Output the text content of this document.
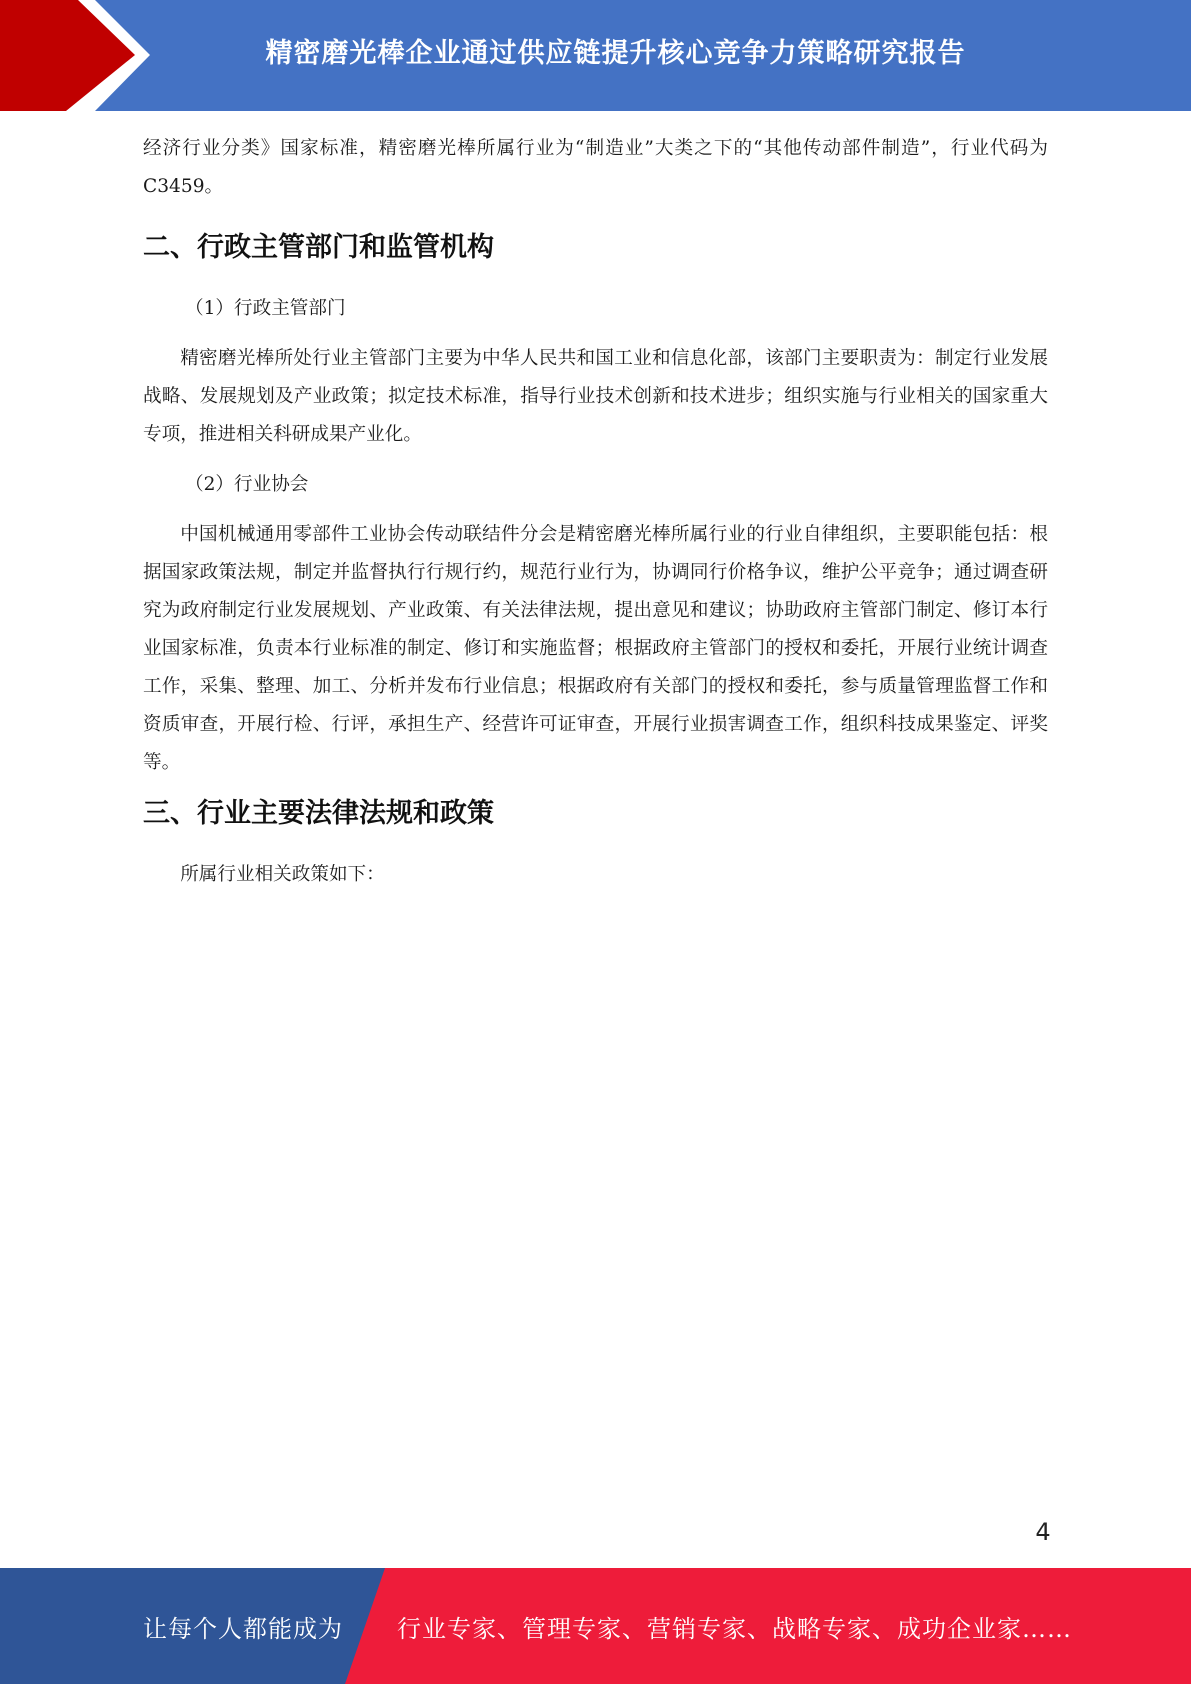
精密磨光棒企业通过供应链提升核心竞争力策略研究报告

经济行业分类》国家标准，精密磨光棒所属行业为“制造业”大类之下的“其他传动部件制造”，行业代码为 C3459。

二、行政主管部门和监管机构

（1）行政主管部门

精密磨光棒所处行业主管部门主要为中华人民共和国工业和信息化部，该部门主要职责为：制定行业发展战略、发展规划及产业政策；拟定技术标准，指导行业技术创新和技术进步；组织实施与行业相关的国家重大专项，推进相关科研成果产业化。

（2）行业协会

中国机械通用零部件工业协会传动联结件分会是精密磨光棒所属行业的行业自律组织，主要职能包括：根据国家政策法规，制定并监督执行行规行约，规范行业行为，协调同行价格争议，维护公平竞争；通过调查研究为政府制定行业发展规划、产业政策、有关法律法规，提出意见和建议；协助政府主管部门制定、修订本行业国家标准，负责本行业标准的制定、修订和实施监督；根据政府主管部门的授权和委托，开展行业统计调查工作，采集、整理、加工、分析并发布行业信息；根据政府有关部门的授权和委托，参与质量管理监督工作和资质审查，开展行检、行评，承担生产、经营许可证审查，开展行业损害调查工作，组织科技成果鉴定、评奖等。

三、行业主要法律法规和政策

所属行业相关政策如下：

4
让每个人都能成为 行业专家、管理专家、营销专家、战略专家、成功企业家……
